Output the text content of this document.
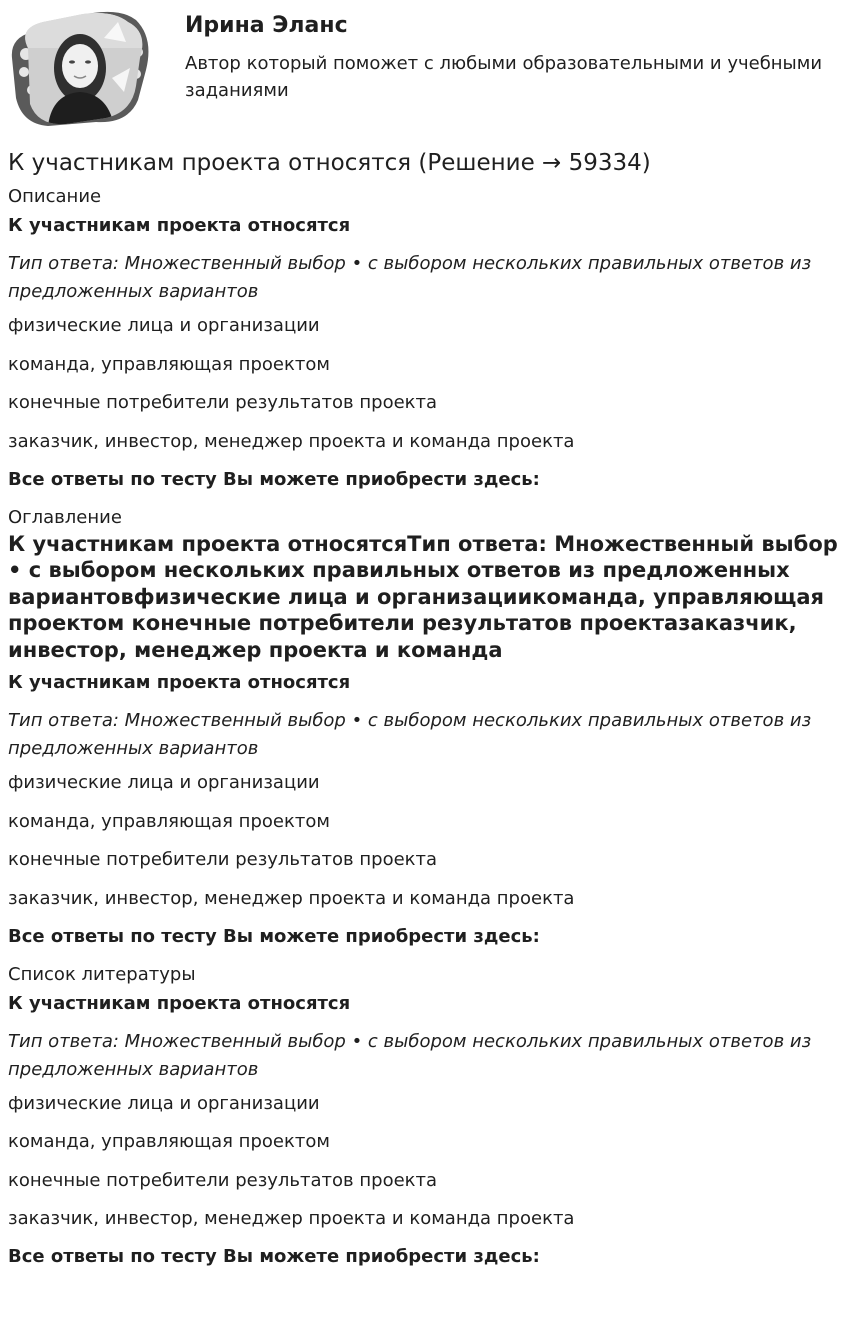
Ирина Эланс
Автор который поможет с любыми образовательными и учебными заданиями
К участникам проекта относятся (Решение → 59334)
Описание
К участникам проекта относятся
Тип ответа: Множественный выбор • с выбором нескольких правильных ответов из предложенных вариантов
физические лица и организации
команда, управляющая проектом
конечные потребители результатов проекта
заказчик, инвестор, менеджер проекта и команда проекта
Все ответы по тесту Вы можете приобрести здесь:
Оглавление
К участникам проекта относятсяТип ответа: Множественный выбор • с выбором нескольких правильных ответов из предложенных вариантовфизические лица и организациикоманда, управляющая проектом конечные потребители результатов проектазаказчик, инвестор, менеджер проекта и команда
К участникам проекта относятся
Тип ответа: Множественный выбор • с выбором нескольких правильных ответов из предложенных вариантов
физические лица и организации
команда, управляющая проектом
конечные потребители результатов проекта
заказчик, инвестор, менеджер проекта и команда проекта
Все ответы по тесту Вы можете приобрести здесь:
Список литературы
К участникам проекта относятся
Тип ответа: Множественный выбор • с выбором нескольких правильных ответов из предложенных вариантов
физические лица и организации
команда, управляющая проектом
конечные потребители результатов проекта
заказчик, инвестор, менеджер проекта и команда проекта
Все ответы по тесту Вы можете приобрести здесь:
